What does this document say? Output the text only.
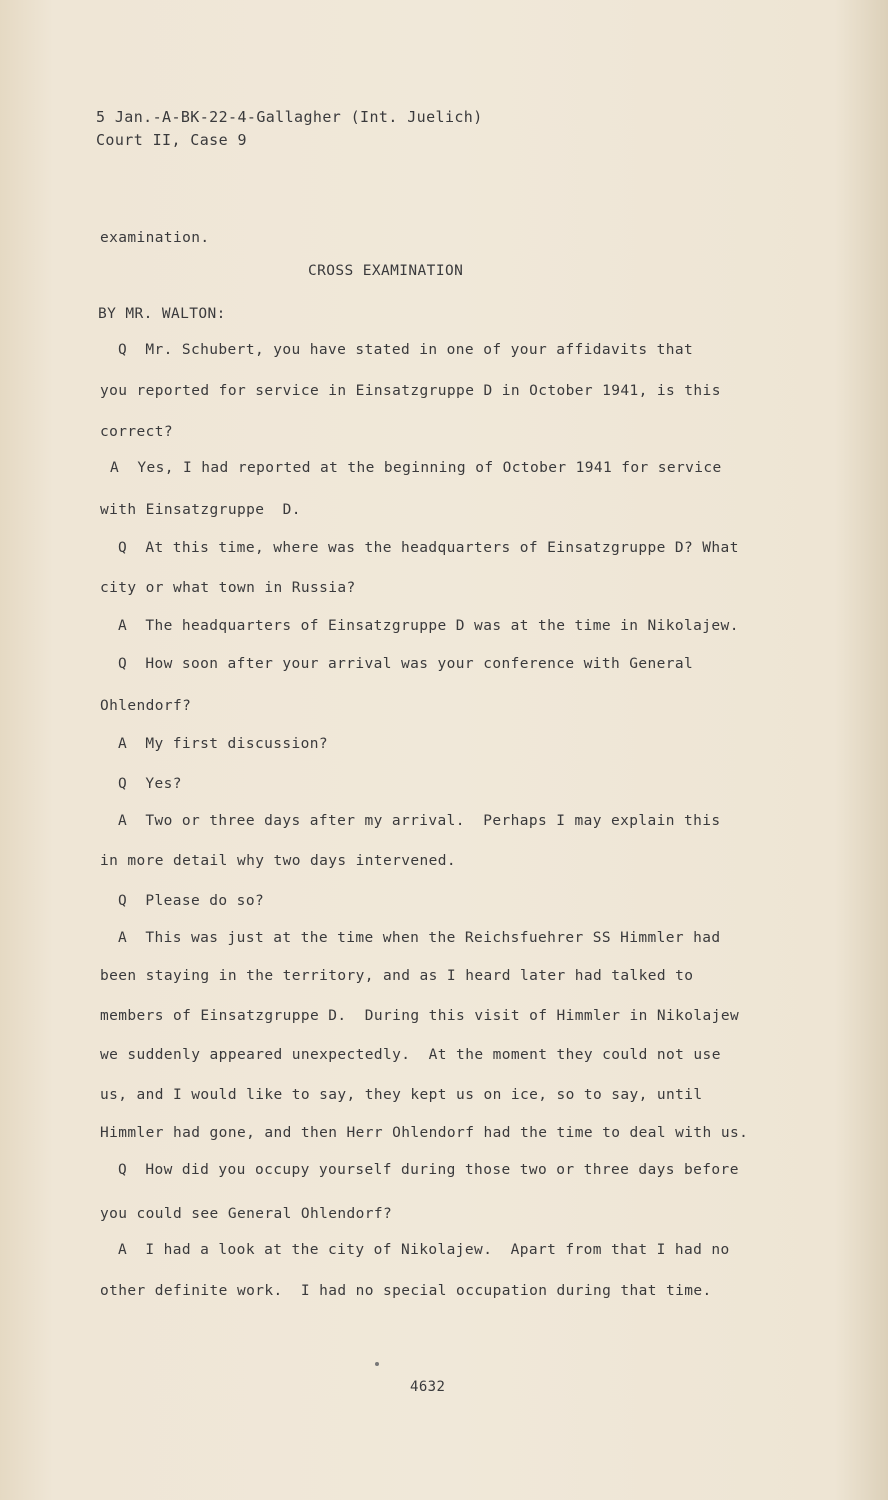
5 Jan.-A-BK-22-4-Gallagher (Int. Juelich)
Court II, Case 9
examination.
CROSS EXAMINATION
BY MR. WALTON:
Q  Mr. Schubert, you have stated in one of your affidavits that
you reported for service in Einsatzgruppe D in October 1941, is this
correct?
A  Yes, I had reported at the beginning of October 1941 for service
with Einsatzgruppe  D.
Q  At this time, where was the headquarters of Einsatzgruppe D? What
city or what town in Russia?
A  The headquarters of Einsatzgruppe D was at the time in Nikolajew.
Q  How soon after your arrival was your conference with General
Ohlendorf?
A  My first discussion?
Q  Yes?
A  Two or three days after my arrival.  Perhaps I may explain this
in more detail why two days intervened.
Q  Please do so?
A  This was just at the time when the Reichsfuehrer SS Himmler had
been staying in the territory, and as I heard later had talked to
members of Einsatzgruppe D.  During this visit of Himmler in Nikolajew
we suddenly appeared unexpectedly.  At the moment they could not use
us, and I would like to say, they kept us on ice, so to say, until
Himmler had gone, and then Herr Ohlendorf had the time to deal with us.
Q  How did you occupy yourself during those two or three days before
you could see General Ohlendorf?
A  I had a look at the city of Nikolajew.  Apart from that I had no
other definite work.  I had no special occupation during that time.
4632
